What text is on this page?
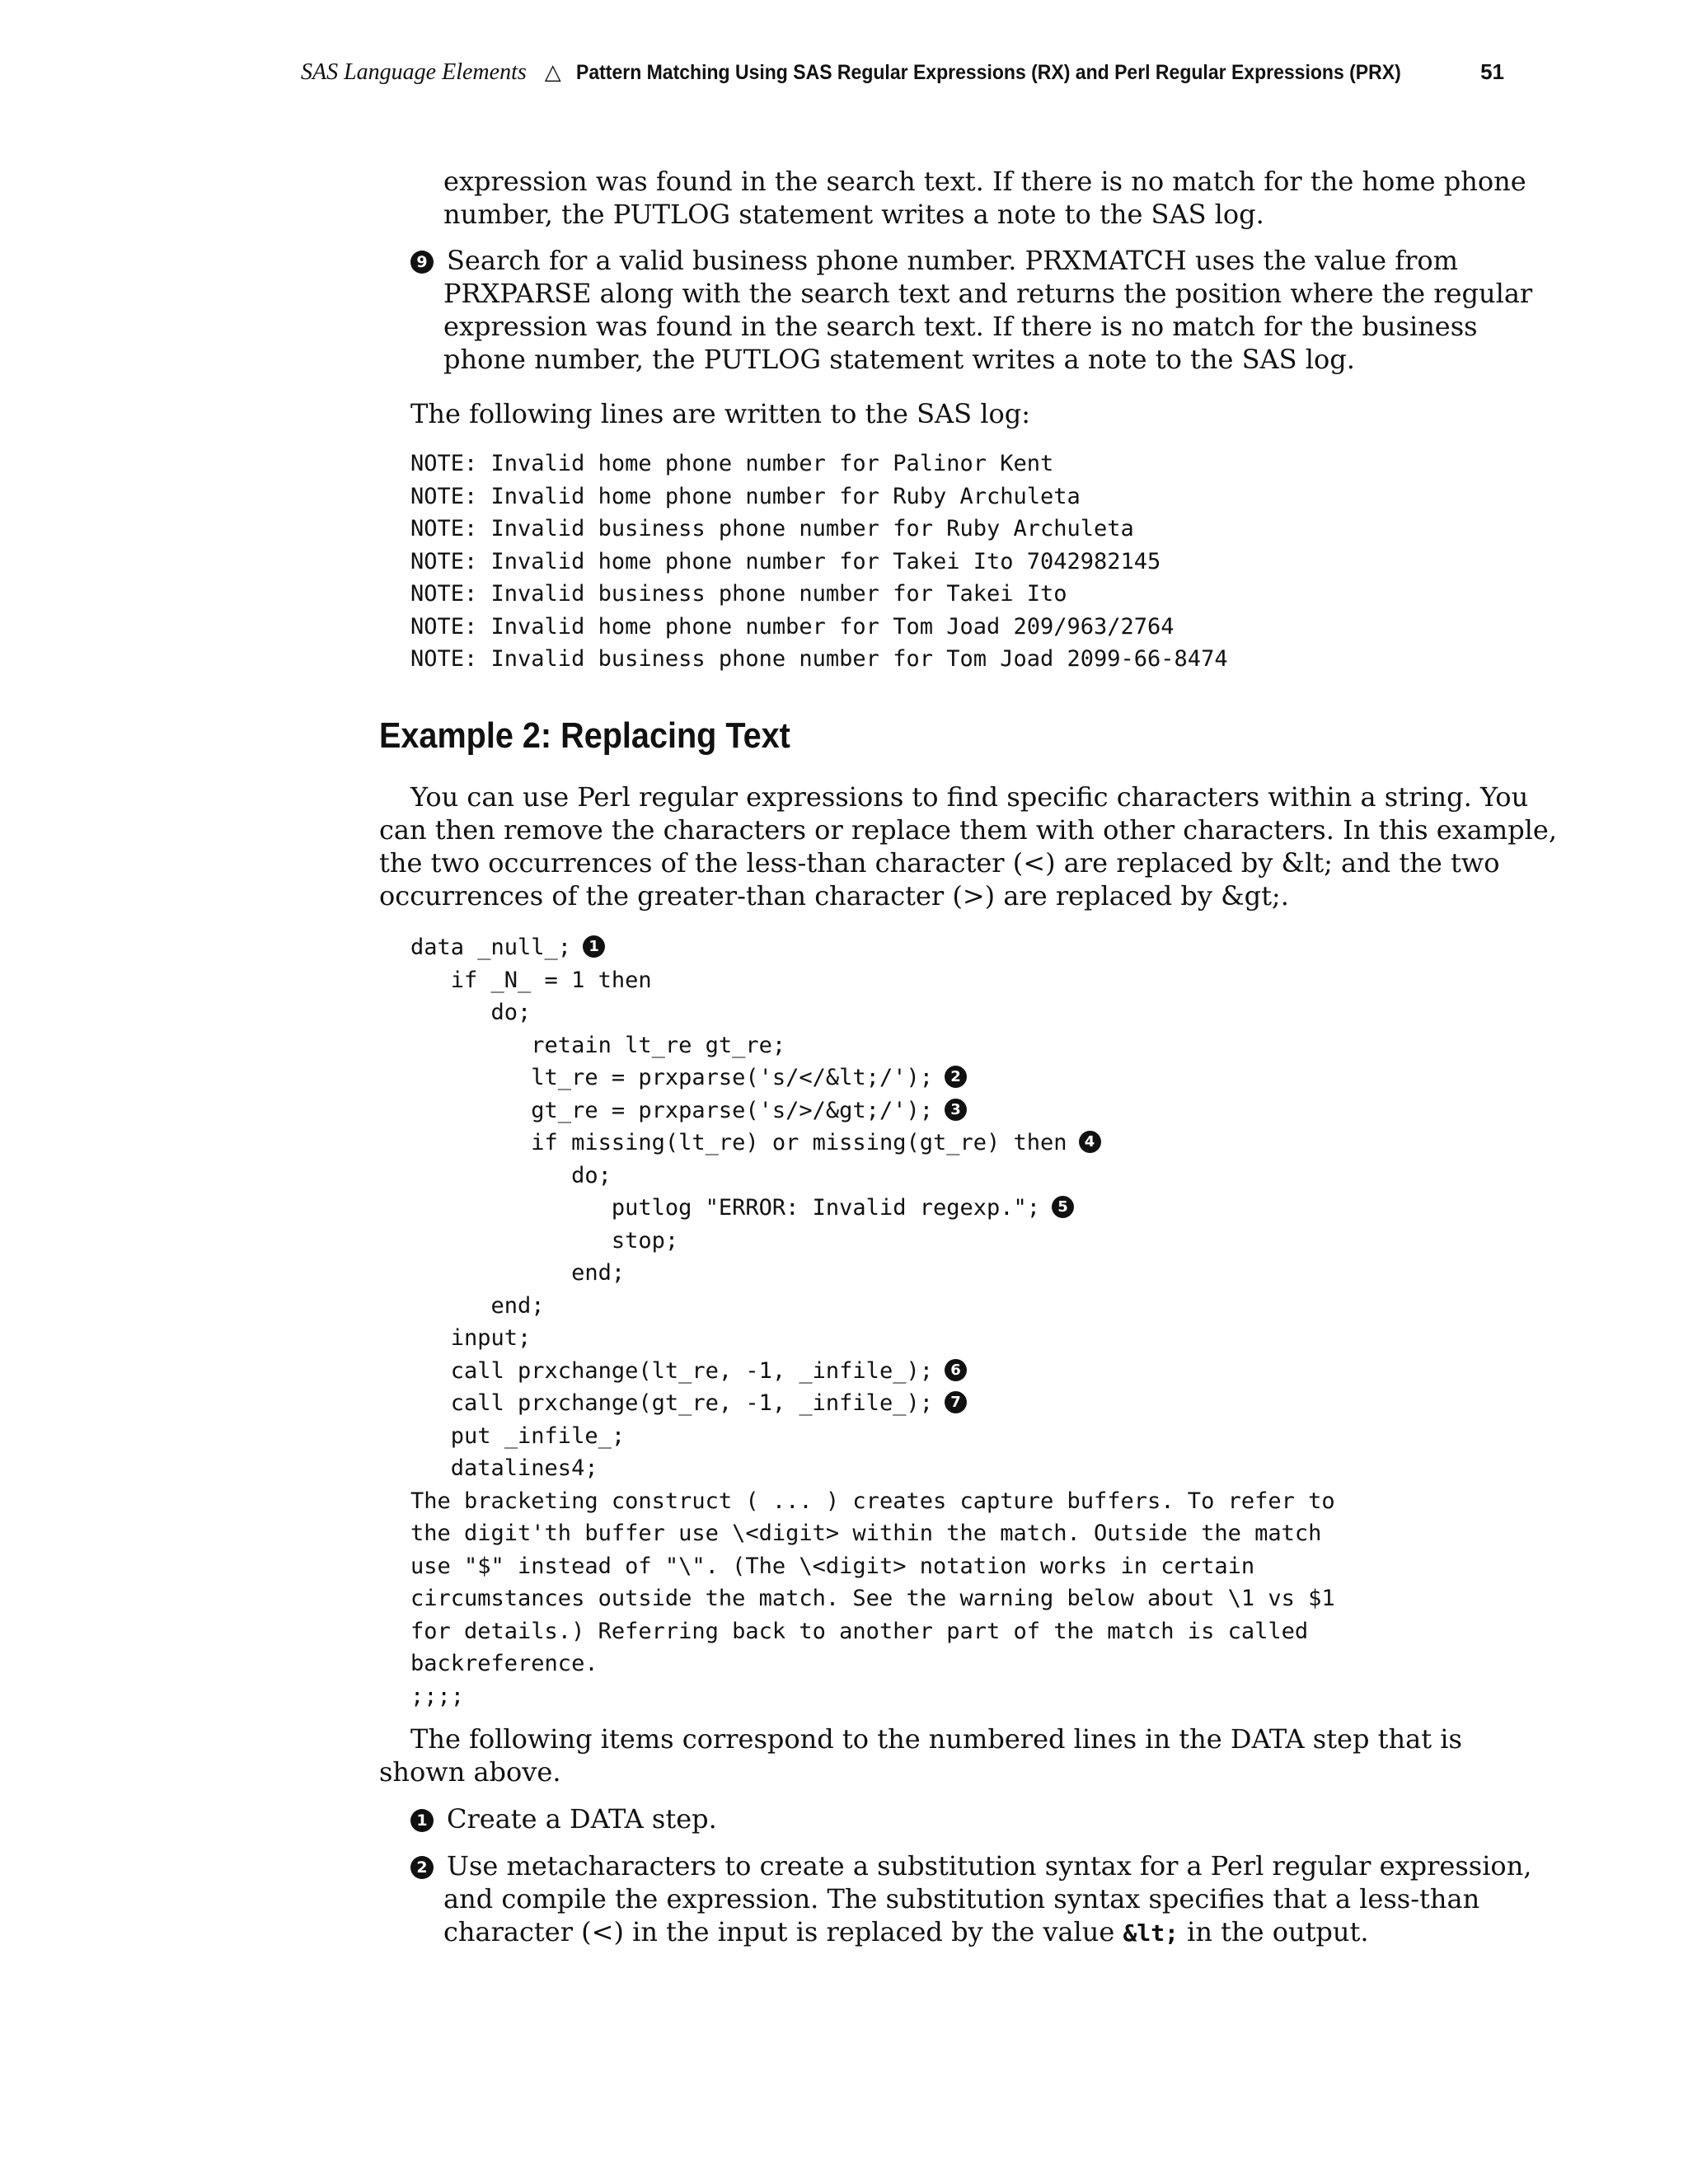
SAS Language Elements △ Pattern Matching Using SAS Regular Expressions (RX) and Perl Regular Expressions (PRX)	51
expression was found in the search text. If there is no match for the home phone
number, the PUTLOG statement writes a note to the SAS log.
9 Search for a valid business phone number. PRXMATCH uses the value from
PRXPARSE along with the search text and returns the position where the regular
expression was found in the search text. If there is no match for the business
phone number, the PUTLOG statement writes a note to the SAS log.
The following lines are written to the SAS log:
NOTE: Invalid home phone number for Palinor Kent
NOTE: Invalid home phone number for Ruby Archuleta
NOTE: Invalid business phone number for Ruby Archuleta
NOTE: Invalid home phone number for Takei Ito 7042982145
NOTE: Invalid business phone number for Takei Ito
NOTE: Invalid home phone number for Tom Joad 209/963/2764
NOTE: Invalid business phone number for Tom Joad 2099-66-8474
Example 2: Replacing Text
You can use Perl regular expressions to find specific characters within a string. You
can then remove the characters or replace them with other characters. In this example,
the two occurrences of the less-than character (<) are replaced by &lt; and the two
occurrences of the greater-than character (>) are replaced by &gt;.
data _null_; 1
if _N_ = 1 then
do;
retain lt_re gt_re;
lt_re = prxparse('s/</&lt;/'); 2
gt_re = prxparse('s/>/&gt;/'); 3
if missing(lt_re) or missing(gt_re) then 4
do;
putlog "ERROR: Invalid regexp."; 5
stop;
end;
end;
input;
call prxchange(lt_re, -1, _infile_); 6
call prxchange(gt_re, -1, _infile_); 7
put _infile_;
datalines4;
The bracketing construct ( ... ) creates capture buffers. To refer to
the digit'th buffer use \<digit> within the match. Outside the match
use "$" instead of "\". (The \<digit> notation works in certain
circumstances outside the match. See the warning below about \1 vs $1
for details.) Referring back to another part of the match is called
backreference.
;;;;
The following items correspond to the numbered lines in the DATA step that is
shown above.
1 Create a DATA step.
2 Use metacharacters to create a substitution syntax for a Perl regular expression,
and compile the expression. The substitution syntax specifies that a less-than
character (<) in the input is replaced by the value &lt; in the output.
